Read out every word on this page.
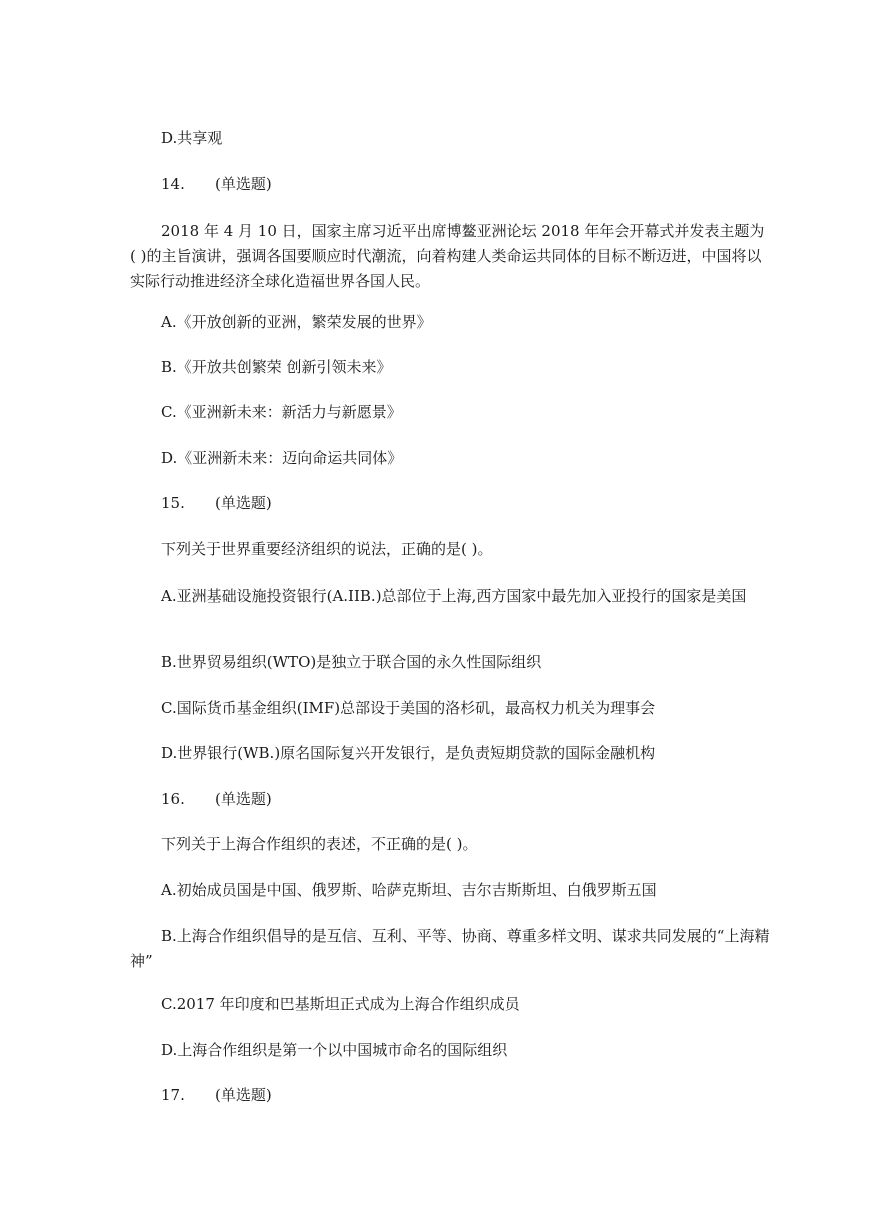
D.共享观
14. (单选题)
2018 年 4 月 10 日，国家主席习近平出席博鳌亚洲论坛 2018 年年会开幕式并发表主题为( )的主旨演讲，强调各国要顺应时代潮流，向着构建人类命运共同体的目标不断迈进，中国将以实际行动推进经济全球化造福世界各国人民。
A.《开放创新的亚洲，繁荣发展的世界》
B.《开放共创繁荣 创新引领未来》
C.《亚洲新未来：新活力与新愿景》
D.《亚洲新未来：迈向命运共同体》
15. (单选题)
下列关于世界重要经济组织的说法，正确的是( )。
A.亚洲基础设施投资银行(A.IIB.)总部位于上海,西方国家中最先加入亚投行的国家是美国
B.世界贸易组织(WTO)是独立于联合国的永久性国际组织
C.国际货币基金组织(IMF)总部设于美国的洛杉矶，最高权力机关为理事会
D.世界银行(WB.)原名国际复兴开发银行，是负责短期贷款的国际金融机构
16. (单选题)
下列关于上海合作组织的表述，不正确的是( )。
A.初始成员国是中国、俄罗斯、哈萨克斯坦、吉尔吉斯斯坦、白俄罗斯五国
B.上海合作组织倡导的是互信、互利、平等、协商、尊重多样文明、谋求共同发展的“上海精神”
C.2017 年印度和巴基斯坦正式成为上海合作组织成员
D.上海合作组织是第一个以中国城市命名的国际组织
17. (单选题)
